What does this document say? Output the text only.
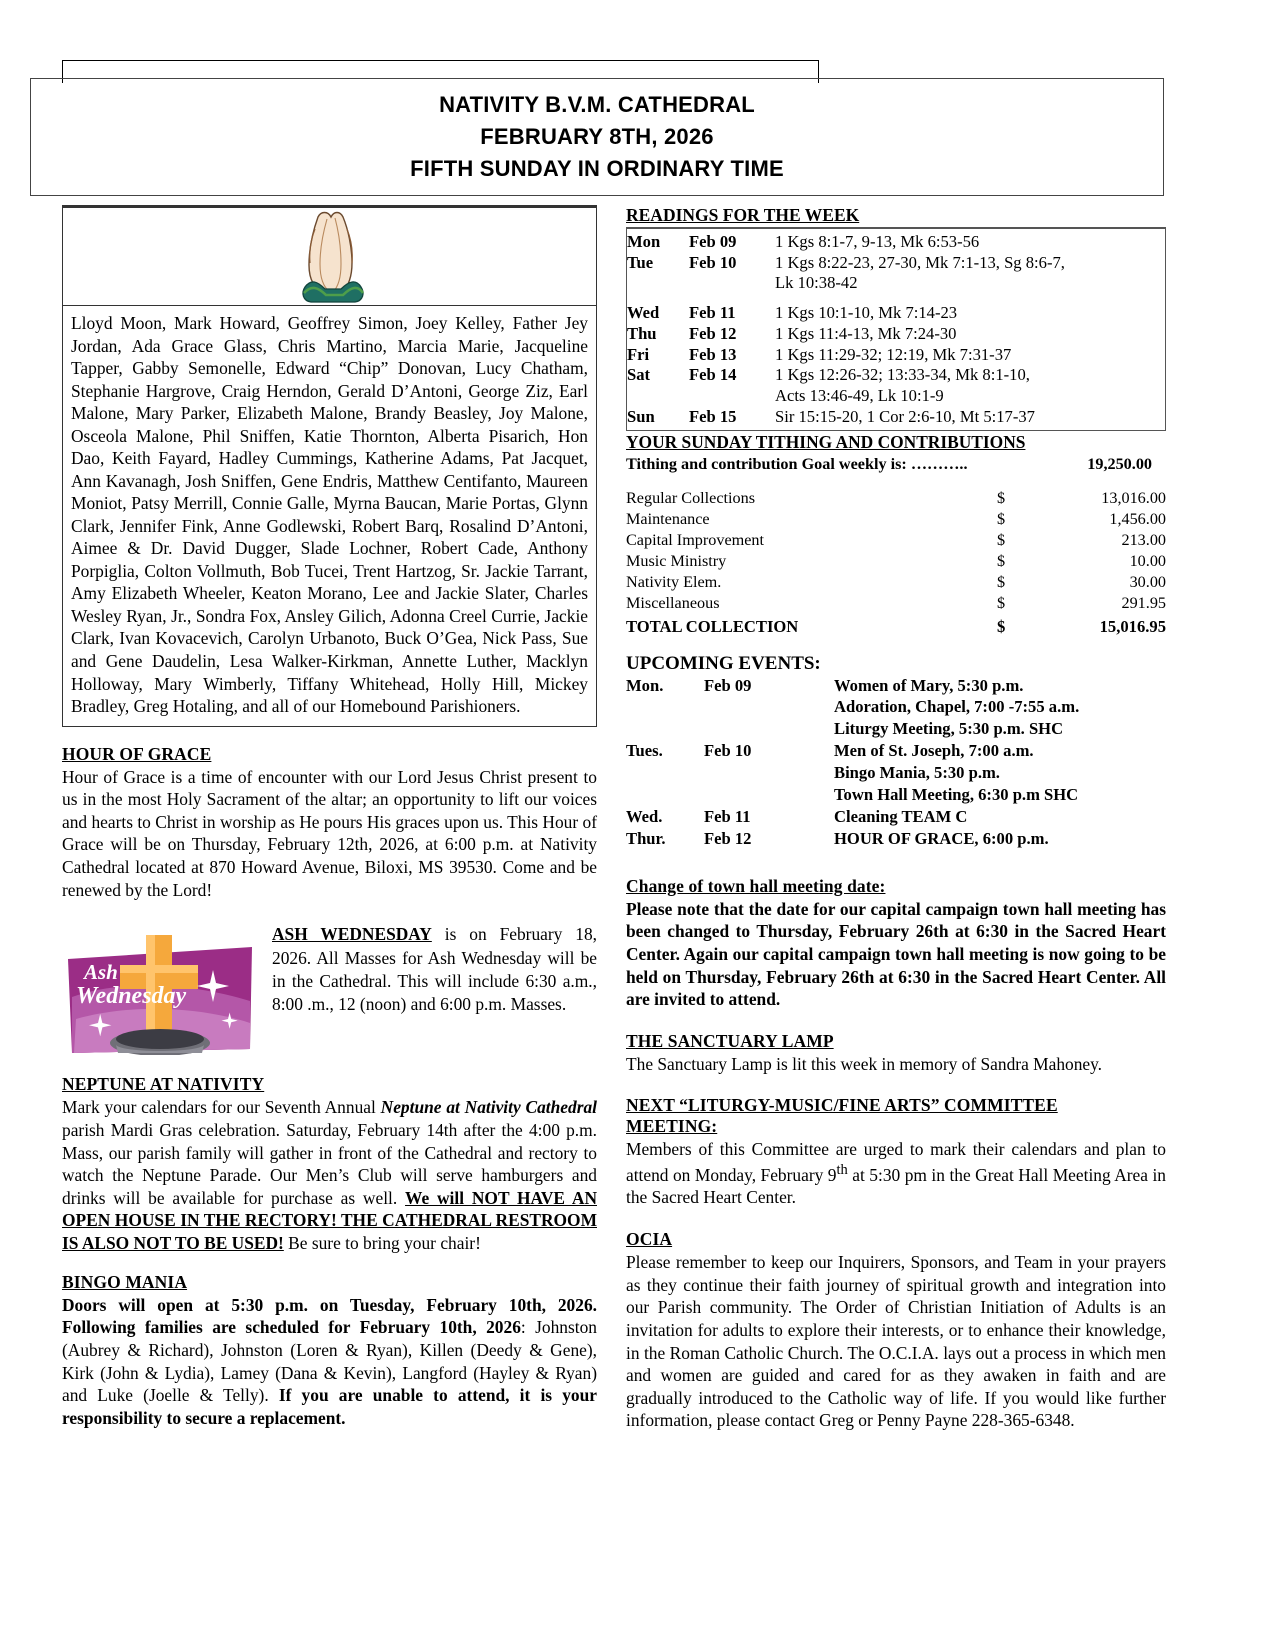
NATIVITY B.V.M. CATHEDRAL
FEBRUARY 8TH, 2026
FIFTH SUNDAY IN ORDINARY TIME
Lloyd Moon, Mark Howard, Geoffrey Simon, Joey Kelley, Father Jey Jordan, Ada Grace Glass, Chris Martino, Marcia Marie, Jacqueline Tapper, Gabby Semonelle, Edward “Chip” Donovan, Lucy Chatham, Stephanie Hargrove, Craig Herndon, Gerald D’Antoni, George Ziz, Earl Malone, Mary Parker, Elizabeth Malone, Brandy Beasley, Joy Malone, Osceola Malone, Phil Sniffen, Katie Thornton, Alberta Pisarich, Hon Dao, Keith Fayard, Hadley Cummings, Katherine Adams, Pat Jacquet, Ann Kavanagh, Josh Sniffen, Gene Endris, Matthew Centifanto, Maureen Moniot, Patsy Merrill, Connie Galle, Myrna Baucan, Marie Portas, Glynn Clark, Jennifer Fink, Anne Godlewski, Robert Barq, Rosalind D’Antoni, Aimee & Dr. David Dugger, Slade Lochner, Robert Cade, Anthony Porpiglia, Colton Vollmuth, Bob Tucei, Trent Hartzog, Sr. Jackie Tarrant, Amy Elizabeth Wheeler, Keaton Morano, Lee and Jackie Slater, Charles Wesley Ryan, Jr., Sondra Fox, Ansley Gilich, Adonna Creel Currie, Jackie Clark, Ivan Kovacevich, Carolyn Urbanoto, Buck O’Gea, Nick Pass, Sue and Gene Daudelin, Lesa Walker-Kirkman, Annette Luther, Macklyn Holloway, Mary Wimberly, Tiffany Whitehead, Holly Hill, Mickey Bradley, Greg Hotaling, and all of our Homebound Parishioners.
HOUR OF GRACE
Hour of Grace is a time of encounter with our Lord Jesus Christ present to us in the most Holy Sacrament of the altar; an opportunity to lift our voices and hearts to Christ in worship as He pours His graces upon us. This Hour of Grace will be on Thursday, February 12th, 2026, at 6:00 p.m. at Nativity Cathedral located at 870 Howard Avenue, Biloxi, MS 39530. Come and be renewed by the Lord!
Ash
Wednesday
ASH WEDNESDAY is on February 18, 2026. All Masses for Ash Wednesday will be in the Cathedral. This will include 6:30 a.m., 8:00 .m., 12 (noon) and 6:00 p.m. Masses.
NEPTUNE AT NATIVITY
Mark your calendars for our Seventh Annual Neptune at Nativity Cathedral parish Mardi Gras celebration. Saturday, February 14th after the 4:00 p.m. Mass, our parish family will gather in front of the Cathedral and rectory to watch the Neptune Parade. Our Men’s Club will serve hamburgers and drinks will be available for purchase as well. We will NOT HAVE AN OPEN HOUSE IN THE RECTORY! THE CATHEDRAL RESTROOM IS ALSO NOT TO BE USED! Be sure to bring your chair!
BINGO MANIA
Doors will open at 5:30 p.m. on Tuesday, February 10th, 2026. Following families are scheduled for February 10th, 2026: Johnston (Aubrey & Richard), Johnston (Loren & Ryan), Killen (Deedy & Gene), Kirk (John & Lydia), Lamey (Dana & Kevin), Langford (Hayley & Ryan) and Luke (Joelle & Telly). If you are unable to attend, it is your responsibility to secure a replacement.
READINGS FOR THE WEEK
Mon	Feb 09	1 Kgs 8:1-7, 9-13, Mk 6:53-56
Tue	Feb 10	1 Kgs 8:22-23, 27-30, Mk 7:1-13, Sg 8:6-7,
		Lk 10:38-42

Wed	Feb 11	1 Kgs 10:1-10, Mk 7:14-23
Thu	Feb 12	1 Kgs 11:4-13, Mk 7:24-30
Fri	Feb 13	1 Kgs 11:29-32; 12:19, Mk 7:31-37
Sat	Feb 14	1 Kgs 12:26-32; 13:33-34, Mk 8:1-10,
		Acts 13:46-49, Lk 10:1-9
Sun	Feb 15	Sir 15:15-20, 1 Cor 2:6-10, Mt 5:17-37
YOUR SUNDAY TITHING AND CONTRIBUTIONS
Tithing and contribution Goal weekly is: ………..	19,250.00
Regular Collections	$	13,016.00
Maintenance	$	1,456.00
Capital Improvement	$	213.00
Music Ministry	$	10.00
Nativity Elem.	$	30.00
Miscellaneous	$	291.95
TOTAL COLLECTION	$	15,016.95
UPCOMING EVENTS:
Mon.	Feb 09	Women of Mary, 5:30 p.m.
		Adoration, Chapel, 7:00 -7:55 a.m.
		Liturgy Meeting, 5:30 p.m. SHC
Tues.	Feb 10	Men of St. Joseph, 7:00 a.m.
		Bingo Mania, 5:30 p.m.
		Town Hall Meeting, 6:30 p.m SHC
Wed.	Feb 11	Cleaning TEAM C
Thur.	Feb 12	HOUR OF GRACE, 6:00 p.m.
Change of town hall meeting date:
Please note that the date for our capital campaign town hall meeting has been changed to Thursday, February 26th at 6:30 in the Sacred Heart Center. Again our capital campaign town hall meeting is now going to be held on Thursday, February 26th at 6:30 in the Sacred Heart Center. All are invited to attend.
THE SANCTUARY LAMP
The Sanctuary Lamp is lit this week in memory of Sandra Mahoney.
NEXT “LITURGY-MUSIC/FINE ARTS” COMMITTEE
MEETING:
Members of this Committee are urged to mark their calendars and plan to attend on Monday, February 9th at 5:30 pm in the Great Hall Meeting Area in the Sacred Heart Center.
OCIA
Please remember to keep our Inquirers, Sponsors, and Team in your prayers as they continue their faith journey of spiritual growth and integration into our Parish community. The Order of Christian Initiation of Adults is an invitation for adults to explore their interests, or to enhance their knowledge, in the Roman Catholic Church. The O.C.I.A. lays out a process in which men and women are guided and cared for as they awaken in faith and are gradually introduced to the Catholic way of life. If you would like further information, please contact Greg or Penny Payne 228-365-6348.
